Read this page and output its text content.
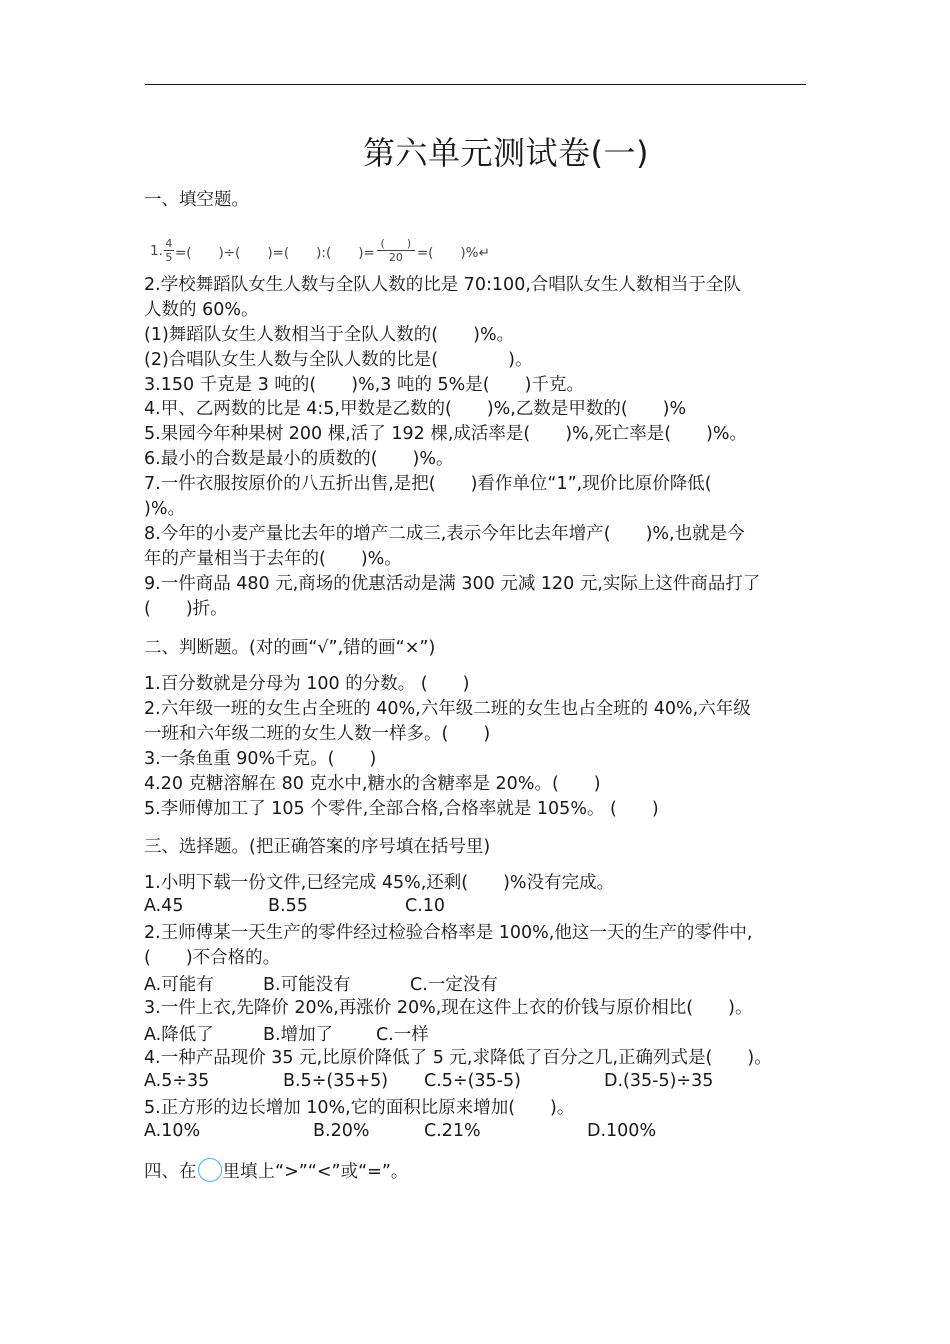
第六单元测试卷(一)
一、填空题。
1. $\frac{4}{5}$ =(　　)÷(　　)=(　　):(　　)=
(　　)
20 =(　　)%↵
2.学校舞蹈队女生人数与全队人数的比是 70:100,合唱队女生人数相当于全队
人数的 60%。
(1)舞蹈队女生人数相当于全队人数的(　　)%。
(2)合唱队女生人数与全队人数的比是(　　　　)。
3.150 千克是 3 吨的(　　)%,3 吨的 5%是(　　)千克。
4.甲、乙两数的比是 4:5,甲数是乙数的(　　)%,乙数是甲数的(　　)%
5.果园今年种果树 200 棵,活了 192 棵,成活率是(　　)%,死亡率是(　　)%。
6.最小的合数是最小的质数的(　　)%。
7.一件衣服按原价的八五折出售,是把(　　)看作单位“1”,现价比原价降低(
)%。
8.今年的小麦产量比去年的增产二成三,表示今年比去年增产(　　)%,也就是今
年的产量相当于去年的(　　)%。
9.一件商品 480 元,商场的优惠活动是满 300 元减 120 元,实际上这件商品打了
(　　)折。
二、判断题。(对的画“√”,错的画“×”)
1.百分数就是分母为 100 的分数。 (　　)
2.六年级一班的女生占全班的 40%,六年级二班的女生也占全班的 40%,六年级
一班和六年级二班的女生人数一样多。(　　)
3.一条鱼重 90%千克。(　　)
4.20 克糖溶解在 80 克水中,糖水的含糖率是 20%。(　　)
5.李师傅加工了 105 个零件,全部合格,合格率就是 105%。 (　　)
三、选择题。(把正确答案的序号填在括号里)
1.小明下载一份文件,已经完成 45%,还剩(　　)%没有完成。
A.45	B.55	C.10
2.王师傅某一天生产的零件经过检验合格率是 100%,他这一天的生产的零件中,
(　　)不合格的。
A.可能有	B.可能没有	C.一定没有
3.一件上衣,先降价 20%,再涨价 20%,现在这件上衣的价钱与原价相比(　　)。
A.降低了	B.增加了 C.一样
4.一种产品现价 35 元,比原价降低了 5 元,求降低了百分之几,正确列式是(　　)。
A.5÷35	B.5÷(35+5) C.5÷(35-5)	D.(35-5)÷35
5.正方形的边长增加 10%,它的面积比原来增加(　　)。
A.10%	B.20%	C.21%	D.100%
四、在 里填上“>”“<”或“=”。
